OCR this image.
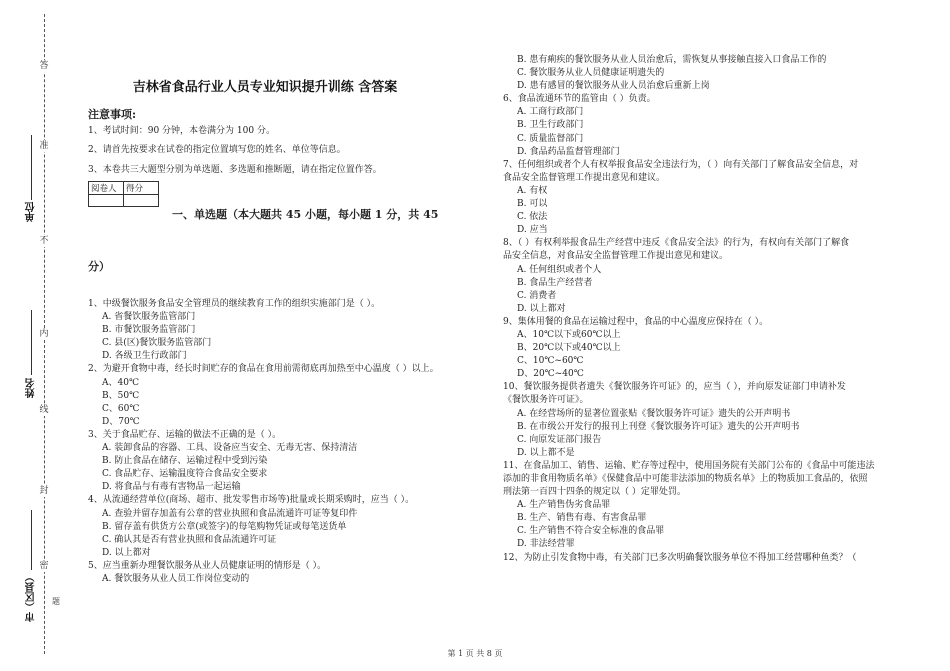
答
准
不
内
线
封
密
单位
姓名
市（区县） 题
吉林省食品行业人员专业知识提升训练 含答案
注意事项:
1、考试时间：90 分钟，本卷满分为 100 分。
2、请首先按要求在试卷的指定位置填写您的姓名、单位等信息。
3、本卷共三大题型分别为单选题、多选题和推断题，请在指定位置作答。
阅卷人	得分

一、单选题（本大题共 45 小题，每小题 1 分，共 45
分）
1、中级餐饮服务食品安全管理员的继续教育工作的组织实施部门是（ ）。
A. 省餐饮服务监管部门
B. 市餐饮服务监管部门
C. 县(区)餐饮服务监管部门
D. 各级卫生行政部门
2、为避开食物中毒，经长时间贮存的食品在食用前需彻底再加热至中心温度（ ）以上。
A、40℃
B、50℃
C、60℃
D、70℃
3、关于食品贮存、运输的做法不正确的是（ ）。
A. 装卸食品的容器、工具、设备应当安全、无毒无害、保持清洁
B. 防止食品在储存、运输过程中受到污染
C. 食品贮存、运输温度符合食品安全要求
D. 将食品与有毒有害物品一起运输
4、从流通经营单位(商场、超市、批发零售市场等)批量或长期采购时，应当（ ）。
A. 查验并留存加盖有公章的营业执照和食品流通许可证等复印件
B. 留存盖有供货方公章(或签字)的每笔购物凭证或每笔送货单
C. 确认其是否有营业执照和食品流通许可证
D. 以上都对
5、应当重新办理餐饮服务从业人员健康证明的情形是（ ）。
A. 餐饮服务从业人员工作岗位变动的
B. 患有痢疾的餐饮服务从业人员治愈后，需恢复从事接触直接入口食品工作的
C. 餐饮服务从业人员健康证明遗失的
D. 患有感冒的餐饮服务从业人员治愈后重新上岗
6、食品流通环节的监管由（ ）负责。
A. 工商行政部门
B. 卫生行政部门
C. 质量监督部门
D. 食品药品监督管理部门
7、任何组织或者个人有权举报食品安全违法行为，（ ）向有关部门了解食品安全信息，对
食品安全监督管理工作提出意见和建议。
A. 有权
B. 可以
C. 依法
D. 应当
8、（ ）有权利举报食品生产经营中违反《食品安全法》的行为，有权向有关部门了解食
品安全信息，对食品安全监督管理工作提出意见和建议。
A. 任何组织或者个人
B. 食品生产经营者
C. 消费者
D. 以上都对
9、集体用餐的食品在运输过程中，食品的中心温度应保持在（ ）。
A、10℃以下或60℃以上
B、20℃以下或40℃以上
C、10℃~60℃
D、20℃~40℃
10、餐饮服务提供者遗失《餐饮服务许可证》的，应当（ ），并向原发证部门申请补发
《餐饮服务许可证》。
A. 在经营场所的显著位置张贴《餐饮服务许可证》遗失的公开声明书
B. 在市级公开发行的报刊上刊登《餐饮服务许可证》遗失的公开声明书
C. 向原发证部门报告
D. 以上都不是
11、在食品加工、销售、运输、贮存等过程中，使用国务院有关部门公布的《食品中可能违法
添加的非食用物质名单》《保健食品中可能非法添加的物质名单》上的物质加工食品的，依照
刑法第一百四十四条的规定以（ ）定罪处罚。
A. 生产销售伪劣食品罪
B. 生产、销售有毒、有害食品罪
C. 生产销售不符合安全标准的食品罪
D. 非法经营罪
12、为防止引发食物中毒，有关部门已多次明确餐饮服务单位不得加工经营哪种鱼类？（
第 1 页 共 8 页
